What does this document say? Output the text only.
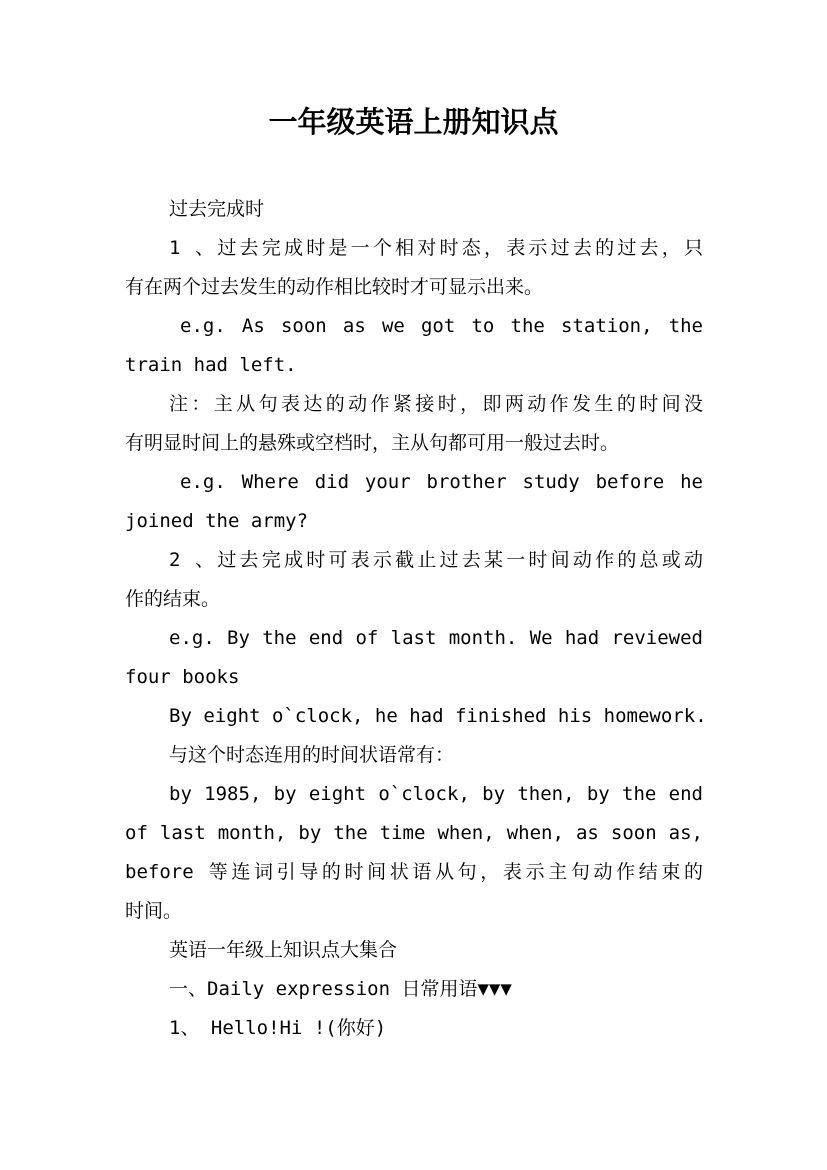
一年级英语上册知识点
过去完成时
1 、过去完成时是一个相对时态，表示过去的过去，只
有在两个过去发生的动作相比较时才可显示出来。
e.g. As soon as we got to the station, the
train had left.
注：主从句表达的动作紧接时，即两动作发生的时间没
有明显时间上的悬殊或空档时，主从句都可用一般过去时。
e.g. Where did your brother study before he
joined the army?
2 、过去完成时可表示截止过去某一时间动作的总或动
作的结束。
e.g. By the end of last month. We had reviewed
four books
By eight o`clock, he had finished his homework.
与这个时态连用的时间状语常有：
by 1985, by eight o`clock, by then, by the end
of last month, by the time when, when, as soon as,
before 等连词引导的时间状语从句，表示主句动作结束的
时间。
英语一年级上知识点大集合
一、Daily expression 日常用语▼▼▼
1、 Hello!Hi !(你好)
